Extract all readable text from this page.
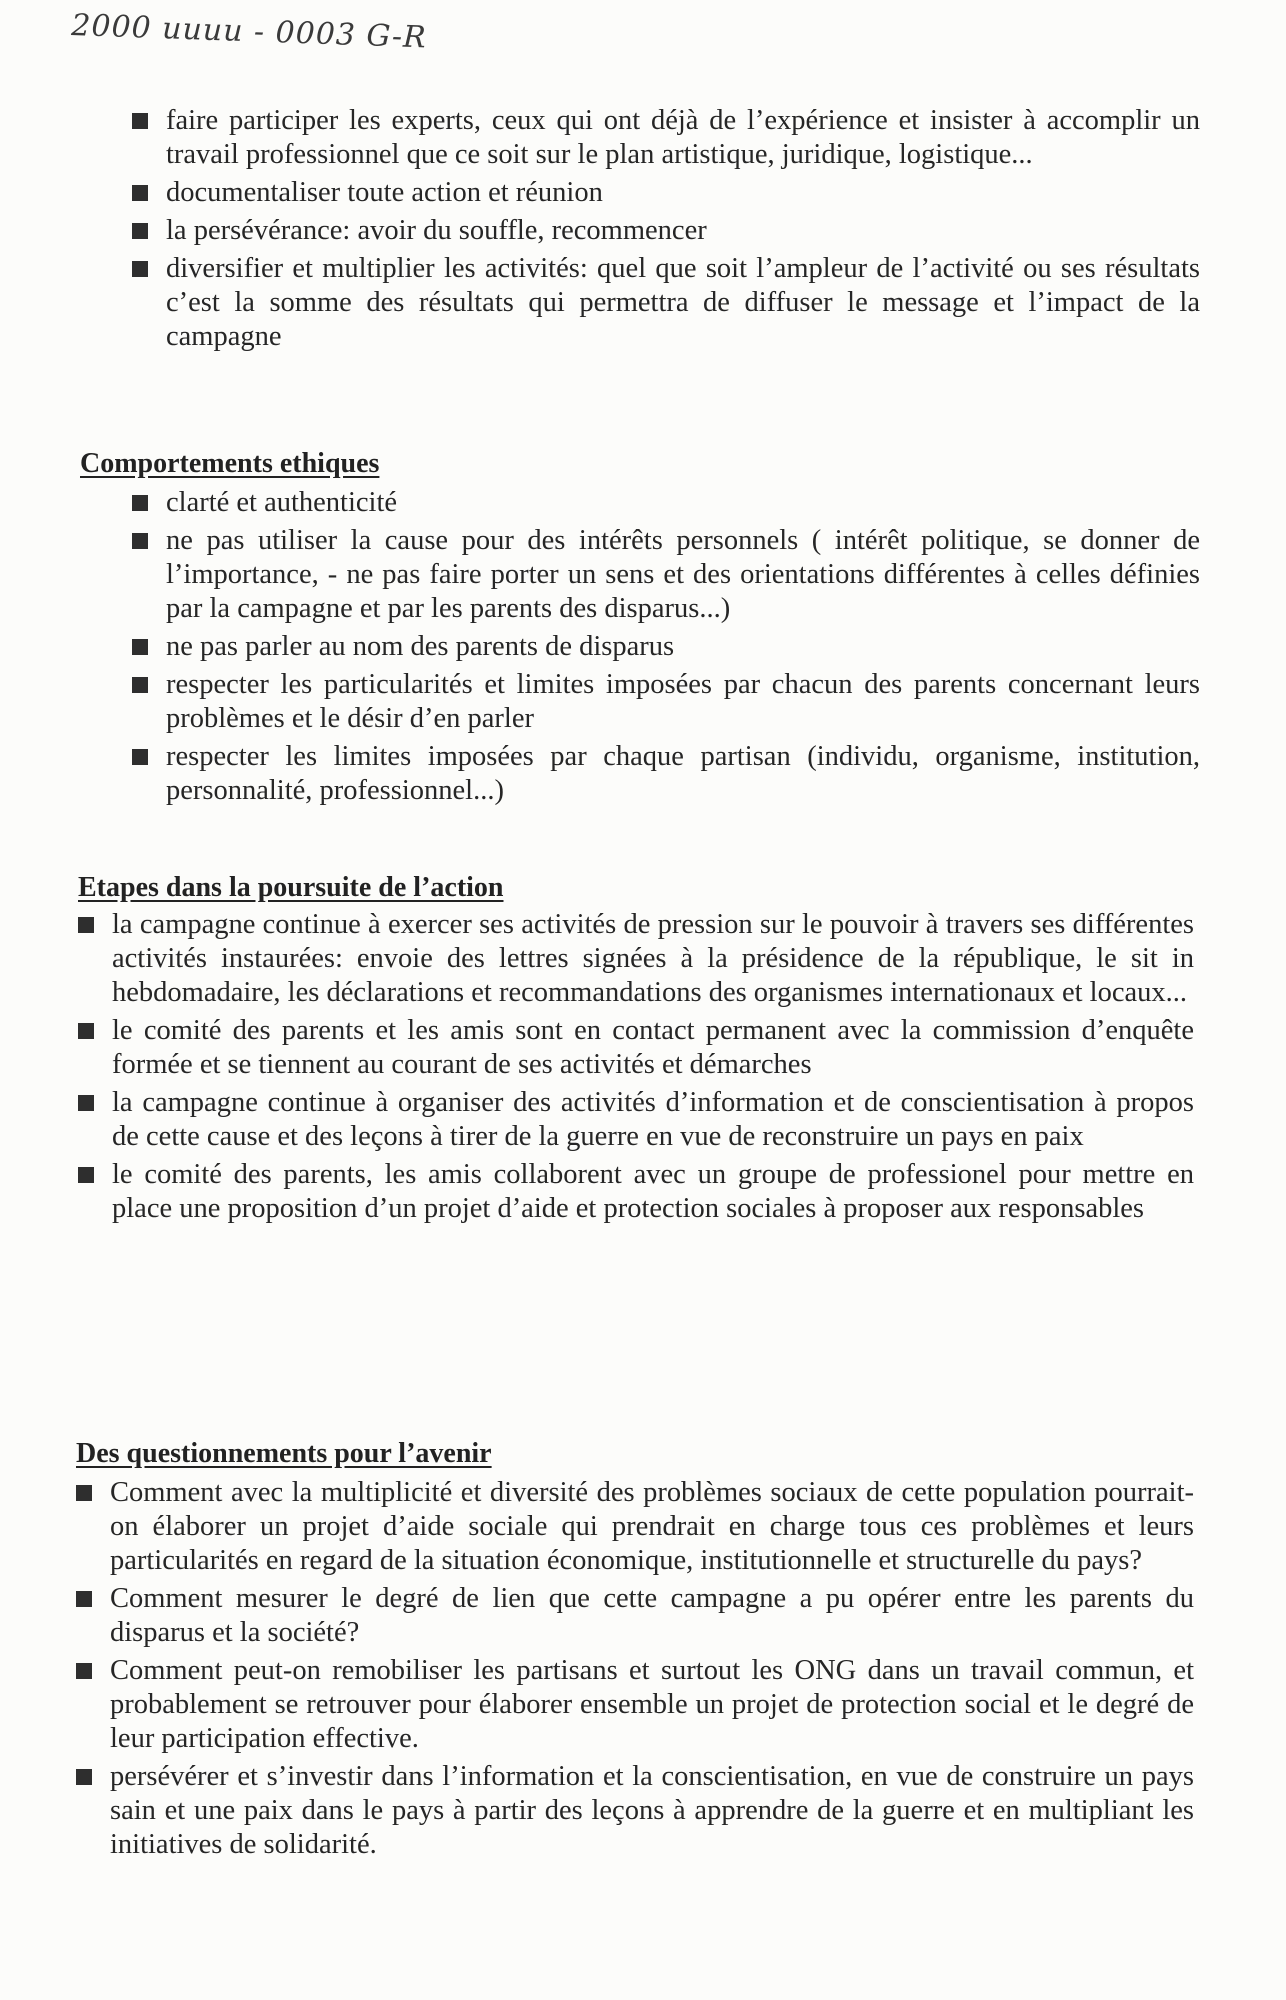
2000 uuuu - 0003 G-R
faire participer les experts, ceux qui ont déjà de l’expérience et insister à accomplir un travail professionnel que ce soit sur le plan artistique, juridique, logistique...
documentaliser toute action et réunion
la persévérance: avoir du souffle, recommencer
diversifier et multiplier les activités: quel que soit l’ampleur de l’activité ou ses résultats c’est la somme des résultats qui permettra de diffuser le message et l’impact de la campagne
Comportements ethiques
clarté et authenticité
ne pas utiliser la cause pour des intérêts personnels ( intérêt politique, se donner de l’importance, - ne pas faire porter un sens et des orientations différentes à celles définies par la campagne et par les parents des disparus...)
ne pas parler au nom des parents de disparus
respecter les particularités et limites imposées par chacun des parents concernant leurs problèmes et le désir d’en parler
respecter les limites imposées par chaque partisan (individu, organisme, institution, personnalité, professionnel...)
Etapes dans la poursuite de l’action
la campagne continue à exercer ses activités de pression sur le pouvoir à travers ses différentes activités instaurées: envoie des lettres signées à la présidence de la république, le sit in hebdomadaire, les déclarations et recommandations des organismes internationaux et locaux...
le comité des parents et les amis sont en contact permanent avec la commission d’enquête formée et se tiennent au courant de ses activités et démarches
la campagne continue à organiser des activités d’information et de conscientisation à propos de cette cause et des leçons à tirer de la guerre en vue de reconstruire un pays en paix
le comité des parents, les amis collaborent avec un groupe de professionel pour mettre en place une proposition d’un projet d’aide et protection sociales à proposer aux responsables
Des questionnements pour l’avenir
Comment avec la multiplicité et diversité des problèmes sociaux de cette population pourrait-on élaborer un projet d’aide sociale qui prendrait en charge tous ces problèmes et leurs particularités en regard de la situation économique, institutionnelle et structurelle du pays?
Comment mesurer le degré de lien que cette campagne a pu opérer entre les parents du disparus et la société?
Comment peut-on remobiliser les partisans et surtout les ONG dans un travail commun, et probablement se retrouver pour élaborer ensemble un projet de protection social et le degré de leur participation effective.
persévérer et s’investir dans l’information et la conscientisation, en vue de construire un pays sain et une paix dans le pays à partir des leçons à apprendre de la guerre et en multipliant les initiatives de solidarité.
